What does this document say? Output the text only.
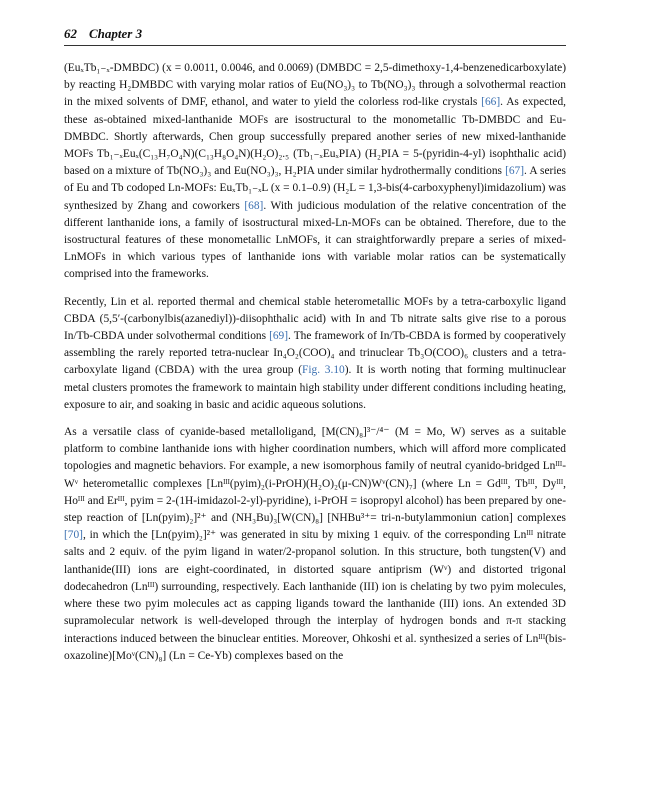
62 Chapter 3

(EuₓTb₁₋ₓ-DMBDC) (x = 0.0011, 0.0046, and 0.0069) (DMBDC = 2,5-dimethoxy-1,4-benzenedicarboxylate) by reacting H₂DMBDC with varying molar ratios of Eu(NO₃)₃ to Tb(NO₃)₃ through a solvothermal reaction in the mixed solvents of DMF, ethanol, and water to yield the colorless rod-like crystals [66]. As expected, these as-obtained mixed-lanthanide MOFs are isostructural to the monometallic Tb-DMBDC and Eu-DMBDC. Shortly afterwards, Chen group successfully prepared another series of new mixed-lanthanide MOFs Tb₁₋ₓEuₓ(C₁₃H₇O₄N)(C₁₃H₈O₄N)(H₂O)₂.₅ (Tb₁₋ₓEuₓPIA) (H₂PIA = 5-(pyridin-4-yl) isophthalic acid) based on a mixture of Tb(NO₃)₃ and Eu(NO₃)₃, H₂PIA under similar hydrothermally conditions [67]. A series of Eu and Tb codoped Ln-MOFs: EuₓTb₁₋ₓL (x = 0.1–0.9) (H₂L = 1,3-bis(4-carboxyphenyl)imidazolium) was synthesized by Zhang and coworkers [68]. With judicious modulation of the relative concentration of the different lanthanide ions, a family of isostructural mixed-Ln-MOFs can be obtained. Therefore, due to the isostructural features of these monometallic LnMOFs, it can straightforwardly prepare a series of mixed-LnMOFs in which various types of lanthanide ions with variable molar ratios can be systematically comprised into the frameworks.

Recently, Lin et al. reported thermal and chemical stable heterometallic MOFs by a tetra-carboxylic ligand CBDA (5,5′-(carbonylbis(azanediyl))-diisophthalic acid) with In and Tb nitrate salts give rise to a porous In/Tb-CBDA under solvothermal conditions [69]. The framework of In/Tb-CBDA is formed by cooperatively assembling the rarely reported tetra-nuclear In₄O₂(COO)₄ and trinuclear Tb₃O(COO)₆ clusters and a tetra-carboxylate ligand (CBDA) with the urea group (Fig. 3.10). It is worth noting that forming multinuclear metal clusters promotes the framework to maintain high stability under different conditions including heating, exposure to air, and soaking in basic and acidic aqueous solutions.

As a versatile class of cyanide-based metalloligand, [M(CN)₈]³⁻/⁴⁻ (M = Mo, W) serves as a suitable platform to combine lanthanide ions with higher coordination numbers, which will afford more complicated topologies and magnetic behaviors. For example, a new isomorphous family of neutral cyanido-bridged Lnᴵᴵᴵ-Wᵛ heterometallic complexes [Lnᴵᴵᴵ(pyim)₂(i-PrOH)(H₂O)₂(μ-CN)Wᵛ(CN)₇] (where Ln = Gdᴵᴵᴵ, Tbᴵᴵᴵ, Dyᴵᴵᴵ, Hoᴵᴵᴵ and Erᴵᴵᴵ, pyim = 2-(1H-imidazol-2-yl)-pyridine), i-PrOH = isopropyl alcohol) has been prepared by one-step reaction of [Ln(pyim)₂]²⁺ and (NH₃Bu)₃[W(CN)₈] [NHBu³⁺= tri-n-butylammoniun cation] complexes [70], in which the [Ln(pyim)₂]²⁺ was generated in situ by mixing 1 equiv. of the corresponding Lnᴵᴵᴵ nitrate salts and 2 equiv. of the pyim ligand in water/2-propanol solution. In this structure, both tungsten(V) and lanthanide(III) ions are eight-coordinated, in distorted square antiprism (Wᵛ) and distorted trigonal dodecahedron (Lnᴵᴵᴵ) surrounding, respectively. Each lanthanide (III) ion is chelating by two pyim molecules, where these two pyim molecules act as capping ligands toward the lanthanide (III) ions. An extended 3D supramolecular network is well-developed through the interplay of hydrogen bonds and π-π stacking interactions induced between the binuclear entities. Moreover, Ohkoshi et al. synthesized a series of Lnᴵᴵᴵ(bis-oxazoline)[Moᵛ(CN)₈] (Ln = Ce-Yb) complexes based on the
